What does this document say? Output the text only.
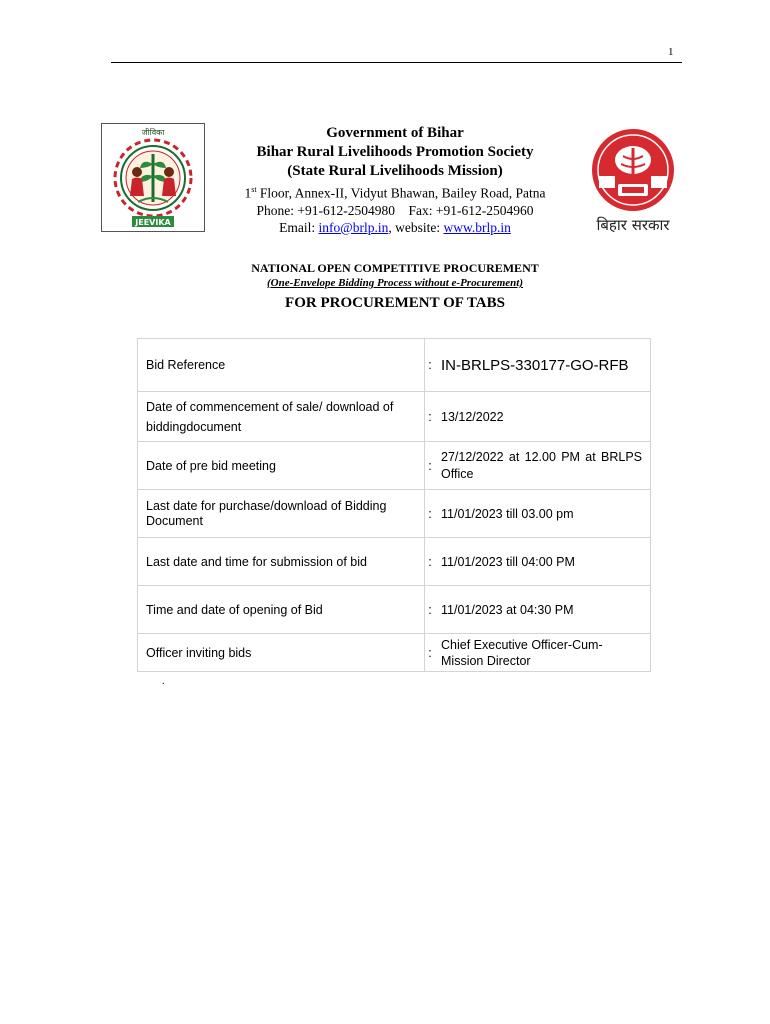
1
जीविका
JEEVIKA
Government of Bihar
Bihar Rural Livelihoods Promotion Society
(State Rural Livelihoods Mission)
1st Floor, Annex-II, Vidyut Bhawan, Bailey Road, Patna
Phone: +91-612-2504980    Fax: +91-612-2504960
Email: info@brlp.in, website: www.brlp.in	बिहार सरकार
NATIONAL OPEN COMPETITIVE PROCUREMENT
(One-Envelope Bidding Process without e-Procurement)
FOR PROCUREMENT OF TABS
Bid Reference	:	IN-BRLPS-330177-GO-RFB
Date of commencement of sale/ download of biddingdocument	:	13/12/2022
Date of pre bid meeting	:	27/12/2022 at 12.00 PM at BRLPS Office
Last date for purchase/download of Bidding Document	:	11/01/2023 till 03.00 pm
Last date and time for submission of bid	:	11/01/2023 till 04:00 PM
Time and date of opening of Bid	:	11/01/2023 at 04:30 PM
Officer inviting bids	:	Chief Executive Officer-Cum-Mission Director
.
